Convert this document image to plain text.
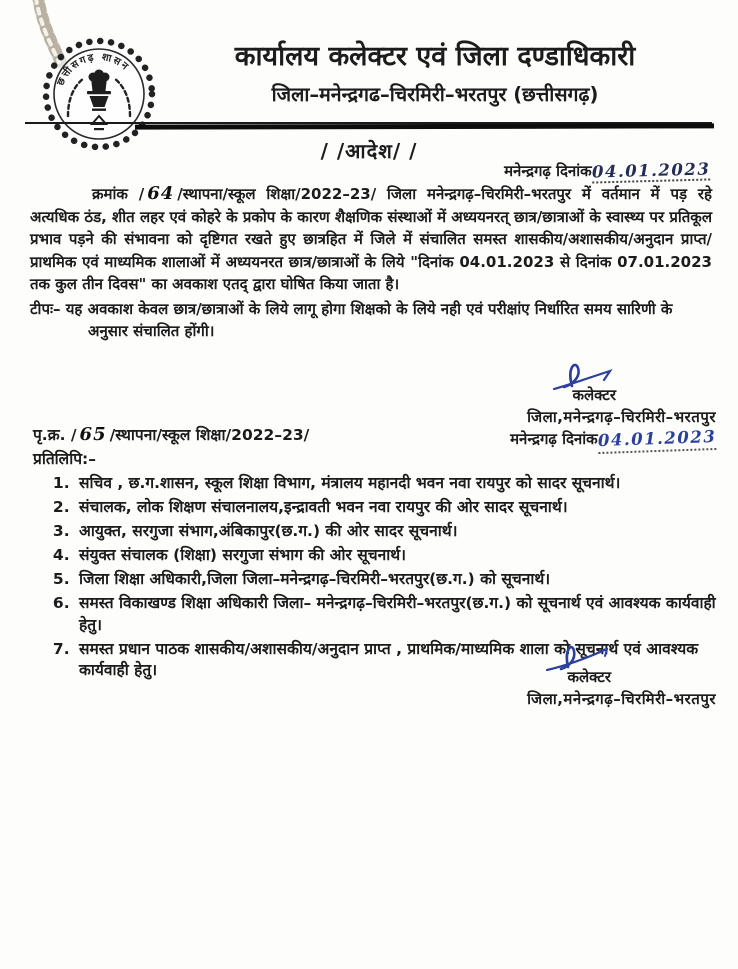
छत्तीसगढ़ शासन	कार्यालय कलेक्टर एवं जिला दण्डाधिकारी
जिला–मनेन्द्रगढ–चिरमिरी–भरतपुर (छत्तीसगढ़)
/ /आदेश/ /
मनेन्द्रगढ़ दिनांक04.01.2023

क्रमांक / 64 /स्थापना/स्कूल शिक्षा/2022–23/ जिला मनेन्द्रगढ़–चिरमिरी–भरतपुर में वर्तमान में पड़ रहे अत्यधिक ठंड, शीत लहर एवं कोहरे के प्रकोप के कारण शैक्षणिक संस्थाओं में अध्ययनरत् छात्र/छात्राओं के स्वास्थ्य पर प्रतिकूल प्रभाव पड़ने की संभावना को दृष्टिगत रखते हुए छात्रहित में जिले में संचालित समस्त शासकीय/अशासकीय/अनुदान प्राप्त/ प्राथमिक एवं माध्यमिक शालाओं में अध्ययनरत छात्र/छात्राओं के लिये "दिनांक 04.01.2023 से दिनांक 07.01.2023 तक कुल तीन दिवस" का अवकाश एतद् द्वारा घोषित किया जाता है।

टीपः– यह अवकाश केवल छात्र/छात्राओं के लिये लागू होगा शिक्षको के लिये नही एवं परीक्षांए निर्धारित समय सारिणी के अनुसार संचालित होंगी।

कलेक्टर
जिला,मनेन्द्रगढ़–चिरमिरी–भरतपुर
मनेन्द्रगढ़ दिनांक04.01.2023

पृ.क्र. / 65 /स्थापना/स्कूल शिक्षा/2022–23/

प्रतिलिपि:–

1. सचिव , छ.ग.शासन, स्कूल शिक्षा विभाग, मंत्रालय महानदी भवन नवा रायपुर को सादर सूचनार्थ।
2. संचालक, लोक शिक्षण संचालनालय,इन्द्रावती भवन नवा रायपुर की ओर सादर सूचनार्थ।
3. आयुक्त, सरगुजा संभाग,अंबिकापुर(छ.ग.) की ओर सादर सूचनार्थ।
4. संयुक्त संचालक (शिक्षा) सरगुजा संभाग की ओर सूचनार्थ।
5. जिला शिक्षा अधिकारी,जिला जिला–मनेन्द्रगढ़–चिरमिरी–भरतपुर(छ.ग.) को सूचनार्थ।
6. समस्त विकाखण्ड शिक्षा अधिकारी जिला– मनेन्द्रगढ़–चिरमिरी–भरतपुर(छ.ग.) को सूचनार्थ एवं आवश्यक कार्यवाही हेतु।
7. समस्त प्रधान पाठक शासकीय/अशासकीय/अनुदान प्राप्त , प्राथमिक/माध्यमिक शाला को सूचनार्थ एवं आवश्यक कार्यवाही हेतु।	कलेक्टर
जिला,मनेन्द्रगढ़–चिरमिरी–भरतपुर
